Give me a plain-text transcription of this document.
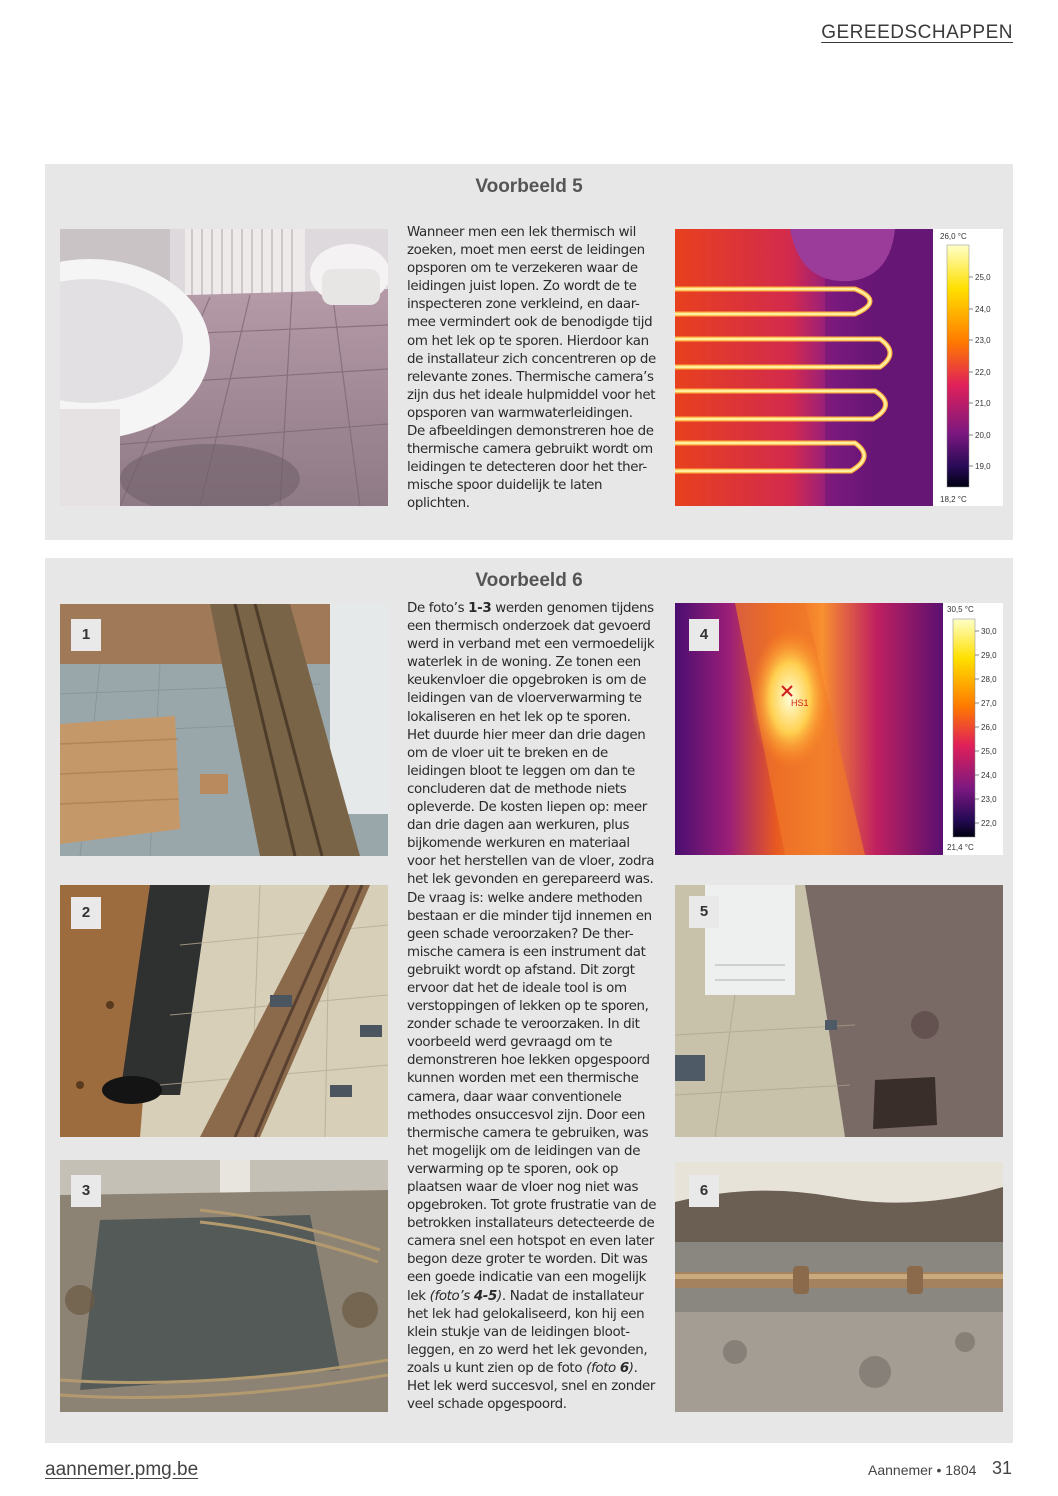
GEREEDSCHAPPEN
Voorbeeld 5
Wanneer men een lek thermisch wil
zoeken, moet men eerst de leidingen
opsporen om te verzekeren waar de
leidingen juist lopen. Zo wordt de te
inspecteren zone verkleind, en daar-
mee vermindert ook de benodigde tijd
om het lek op te sporen. Hierdoor kan
de installateur zich concentreren op de
relevante zones. Thermische camera’s
zijn dus het ideale hulpmiddel voor het
opsporen van warmwaterleidingen.
De afbeeldingen demonstreren hoe de
thermische camera gebruikt wordt om
leidingen te detecteren door het ther-
mische spoor duidelijk te laten
oplichten.
26,0 °C
18,2 °C
25,0
24,0
23,0
22,0
21,0
20,0
19,0
Voorbeeld 6
1
2
3
De foto’s 1-3 werden genomen tijdens
een thermisch onderzoek dat gevoerd
werd in verband met een vermoedelijk
waterlek in de woning. Ze tonen een
keukenvloer die opgebroken is om de
leidingen van de vloerverwarming te
lokaliseren en het lek op te sporen.
Het duurde hier meer dan drie dagen
om de vloer uit te breken en de
leidingen bloot te leggen om dan te
concluderen dat de methode niets
opleverde. De kosten liepen op: meer
dan drie dagen aan werkuren, plus
bijkomende werkuren en materiaal
voor het herstellen van de vloer, zodra
het lek gevonden en gerepareerd was.
De vraag is: welke andere methoden
bestaan er die minder tijd innemen en
geen schade veroorzaken? De ther-
mische camera is een instrument dat
gebruikt wordt op afstand. Dit zorgt
ervoor dat het de ideale tool is om
verstoppingen of lekken op te sporen,
zonder schade te veroorzaken. In dit
voorbeeld werd gevraagd om te
demonstreren hoe lekken opgespoord
kunnen worden met een thermische
camera, daar waar conventionele
methodes onsuccesvol zijn. Door een
thermische camera te gebruiken, was
het mogelijk om de leidingen van de
verwarming op te sporen, ook op
plaatsen waar de vloer nog niet was
opgebroken. Tot grote frustratie van de
betrokken installateurs detecteerde de
camera snel een hotspot en even later
begon deze groter te worden. Dit was
een goede indicatie van een mogelijk
lek (foto’s 4-5). Nadat de installateur
het lek had gelokaliseerd, kon hij een
klein stukje van de leidingen bloot-
leggen, en zo werd het lek gevonden,
zoals u kunt zien op de foto (foto 6).
Het lek werd succesvol, snel en zonder
veel schade opgespoord.
HS1
30,5 °C
21,4 °C
30,0
29,0
28,0
27,0
26,0
25,0
24,0
23,0
22,0
4
5
6
aannemer.pmg.be	Aannemer • 1804 31
